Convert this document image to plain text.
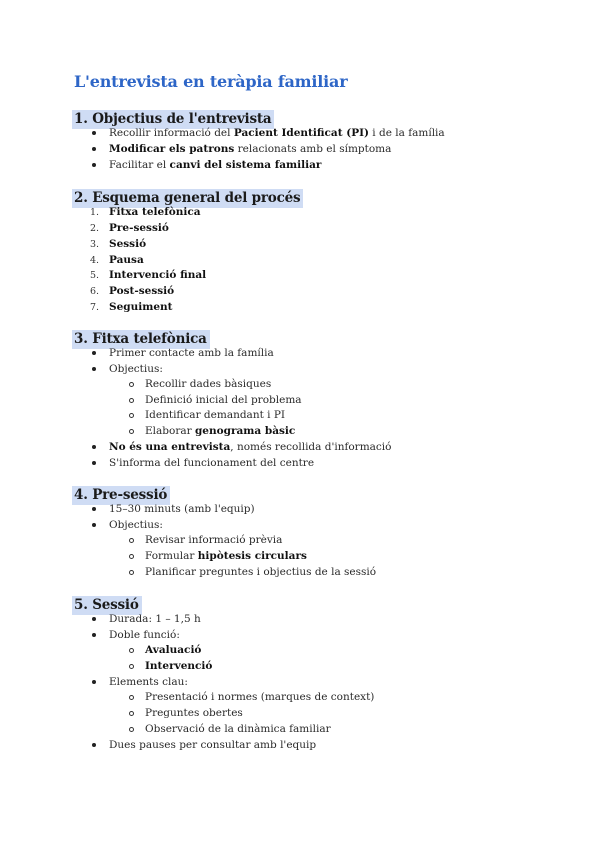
L'entrevista en teràpia familiar
1. Objectius de l'entrevista
Recollir informació del Pacient Identificat (PI) i de la família
Modificar els patrons relacionats amb el símptoma
Facilitar el canvi del sistema familiar
2. Esquema general del procés
1. Fitxa telefònica
2. Pre-sessió
3. Sessió
4. Pausa
5. Intervenció final
6. Post-sessió
7. Seguiment
3. Fitxa telefònica
Primer contacte amb la família
Objectius:
Recollir dades bàsiques
Definició inicial del problema
Identificar demandant i PI
Elaborar genograma bàsic
No és una entrevista, només recollida d'informació
S'informa del funcionament del centre
4. Pre-sessió
15–30 minuts (amb l'equip)
Objectius:
Revisar informació prèvia
Formular hipòtesis circulars
Planificar preguntes i objectius de la sessió
5. Sessió
Durada: 1 – 1,5 h
Doble funció:
Avaluació
Intervenció
Elements clau:
Presentació i normes (marques de context)
Preguntes obertes
Observació de la dinàmica familiar
Dues pauses per consultar amb l'equip
